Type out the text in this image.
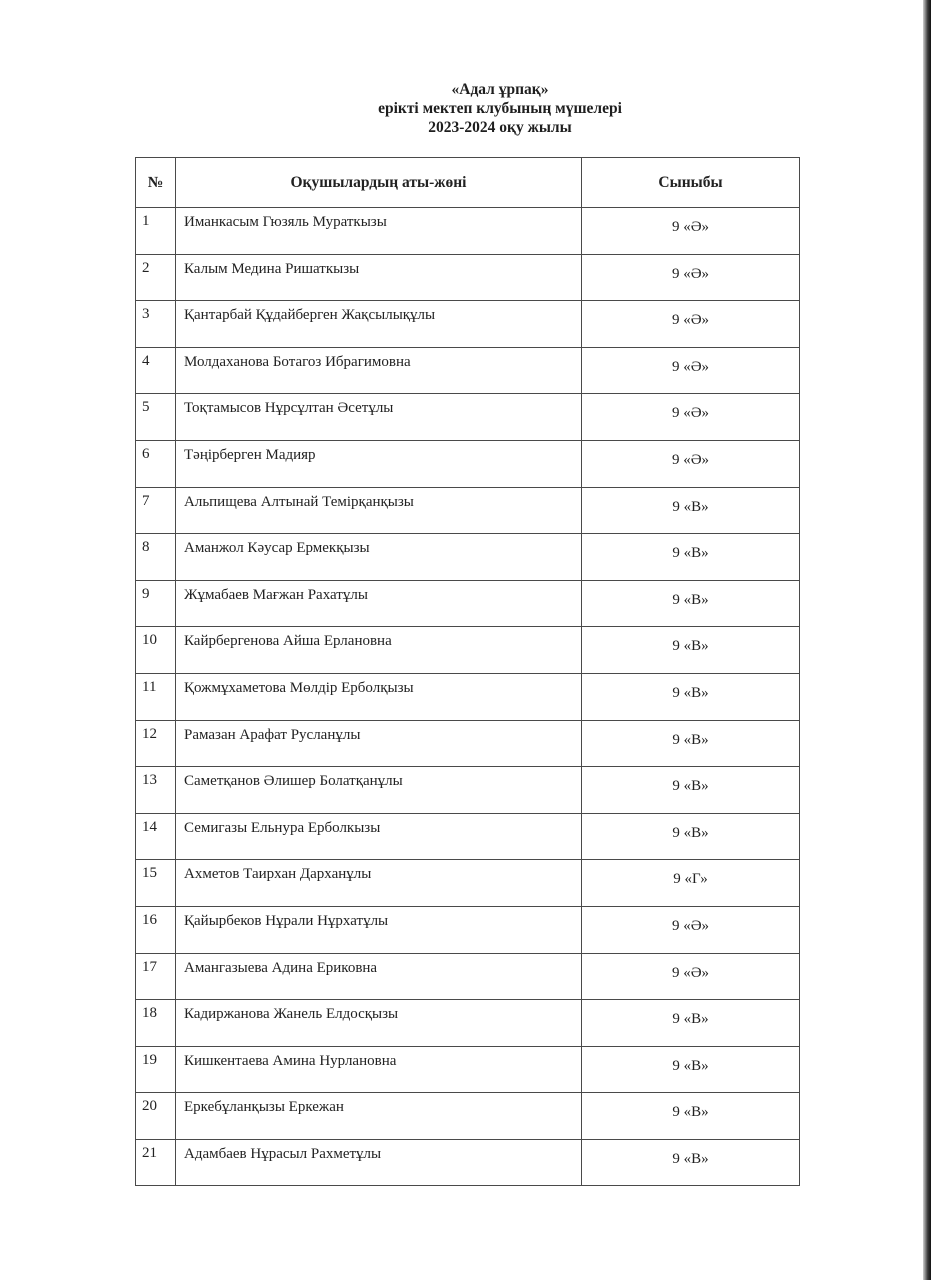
«Адал ұрпақ»
ерікті мектеп клубының мүшелері
2023-2024 оқу жылы
№	Оқушылардың аты-жөні	Сыныбы
1	Иманкасым Гюзяль Мураткызы	9 «Ә»
2	Калым Медина Ришаткызы	9 «Ә»
3	Қантарбай Құдайберген Жақсылықұлы	9 «Ә»
4	Молдаханова Ботагоз Ибрагимовна	9 «Ә»
5	Тоқтамысов Нұрсұлтан Әсетұлы	9 «Ә»
6	Тәңірберген Мадияр	9 «Ә»
7	Альпищева Алтынай Темірқанқызы	9 «В»
8	Аманжол Кәусар Ермекқызы	9 «В»
9	Жұмабаев Мағжан Рахатұлы	9 «В»
10	Кайрбергенова Айша Ерлановна	9 «В»
11	Қожмұхаметова Мөлдір Ерболқызы	9 «В»
12	Рамазан Арафат Русланұлы	9 «В»
13	Саметқанов Әлишер Болатқанұлы	9 «В»
14	Семигазы Ельнура Ерболкызы	9 «В»
15	Ахметов Таирхан Дарханұлы	9 «Г»
16	Қайырбеков Нұрали Нұрхатұлы	9 «Ә»
17	Амангазыева Адина Ериковна	9 «Ә»
18	Кадиржанова Жанель Елдосқызы	9 «В»
19	Кишкентаева Амина Нурлановна	9 «В»
20	Еркебұланқызы Еркежан	9 «В»
21	Адамбаев Нұрасыл Рахметұлы	9 «В»
